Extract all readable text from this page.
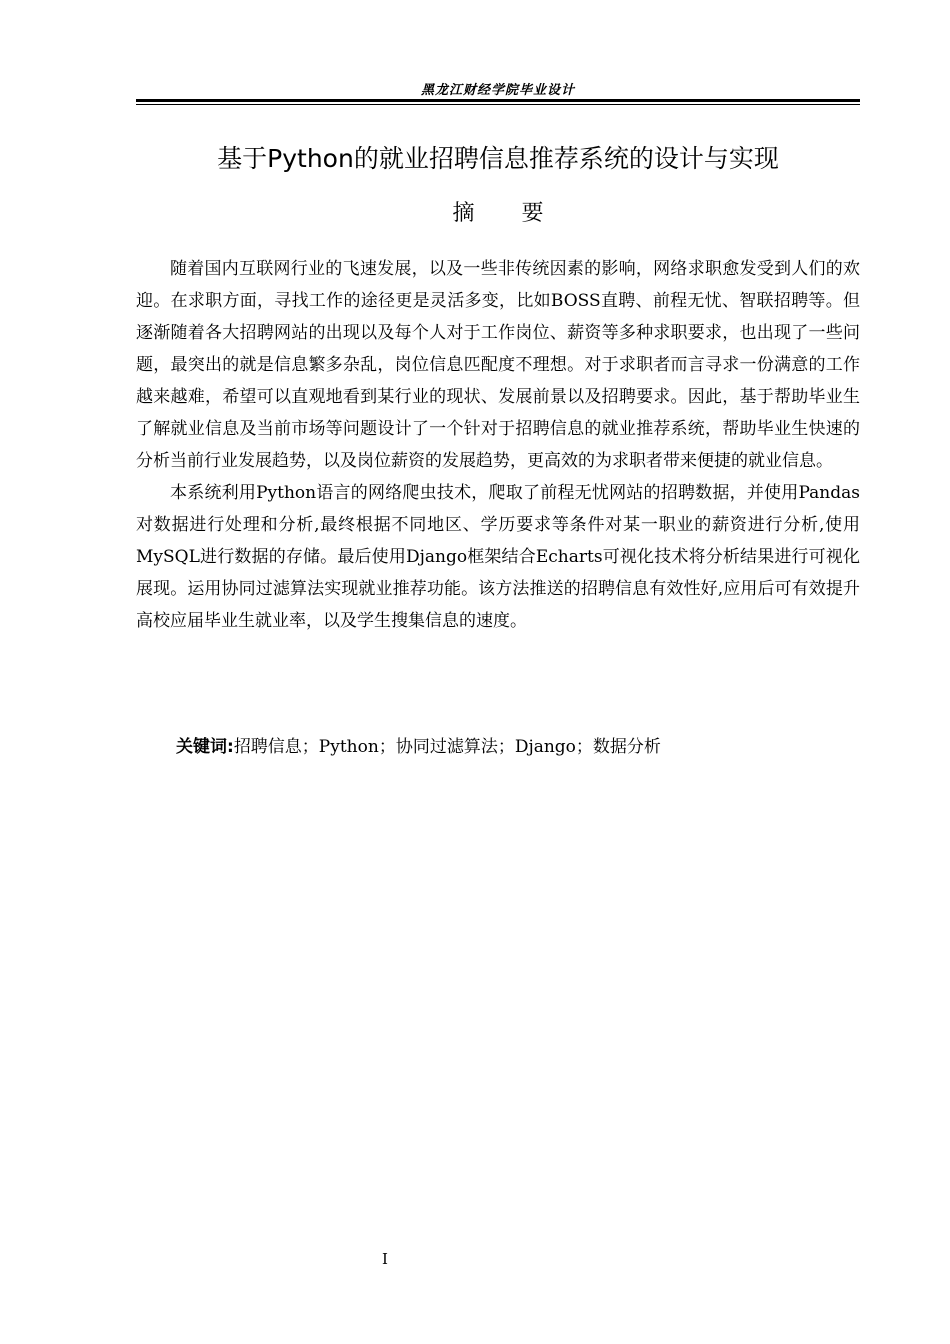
黑龙江财经学院毕业设计
基于Python的就业招聘信息推荐系统的设计与实现
摘 要

随着国内互联网行业的飞速发展，以及一些非传统因素的影响，网络求职愈发受到人们的欢迎。在求职方面，寻找工作的途径更是灵活多变，比如BOSS直聘、前程无忧、智联招聘等。但逐渐随着各大招聘网站的出现以及每个人对于工作岗位、薪资等多种求职要求，也出现了一些问题，最突出的就是信息繁多杂乱，岗位信息匹配度不理想。对于求职者而言寻求一份满意的工作越来越难，希望可以直观地看到某行业的现状、发展前景以及招聘要求。因此，基于帮助毕业生了解就业信息及当前市场等问题设计了一个针对于招聘信息的就业推荐系统，帮助毕业生快速的分析当前行业发展趋势，以及岗位薪资的发展趋势，更高效的为求职者带来便捷的就业信息。

本系统利用Python语言的网络爬虫技术，爬取了前程无忧网站的招聘数据，并使用Pandas对数据进行处理和分析,最终根据不同地区、学历要求等条件对某一职业的薪资进行分析,使用MySQL进行数据的存储。最后使用Django框架结合Echarts可视化技术将分析结果进行可视化展现。运用协同过滤算法实现就业推荐功能。该方法推送的招聘信息有效性好,应用后可有效提升高校应届毕业生就业率，以及学生搜集信息的速度。

关键词:招聘信息；Python；协同过滤算法；Django；数据分析
I
